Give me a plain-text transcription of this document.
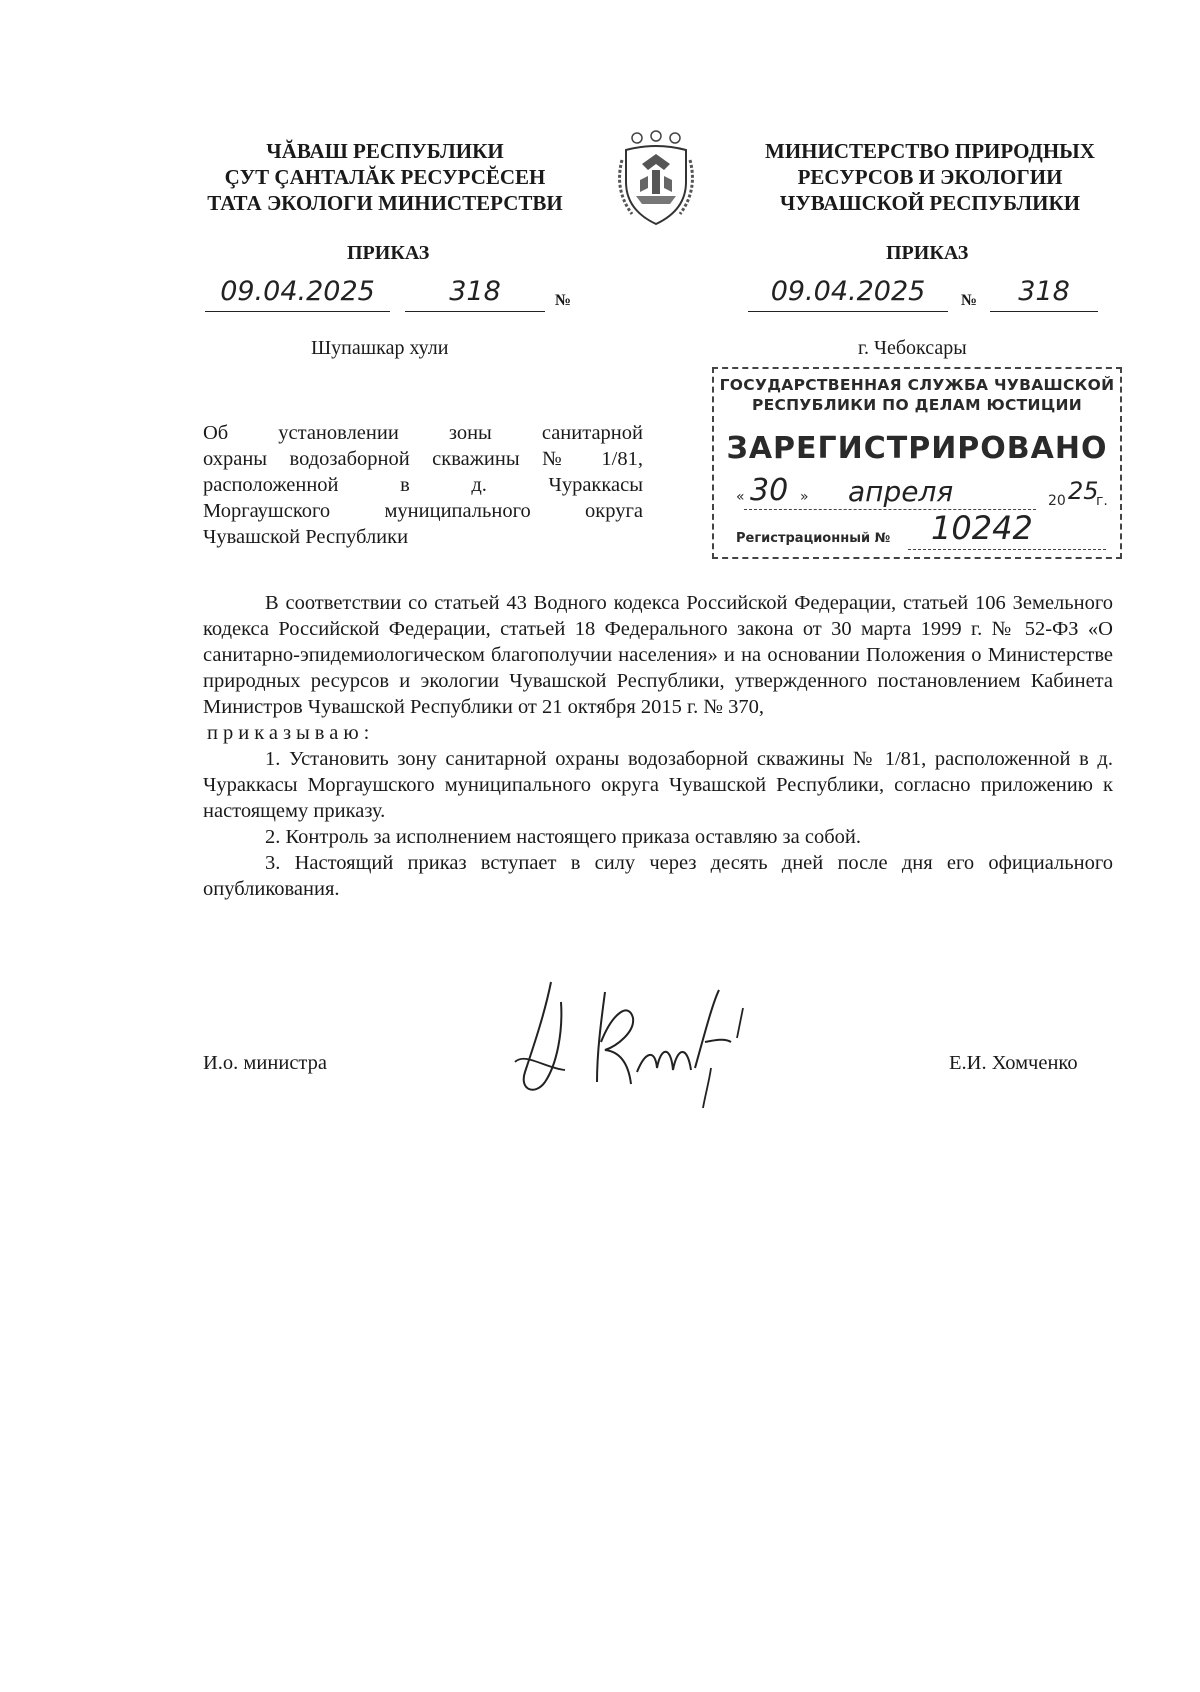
ЧĂВАШ РЕСПУБЛИКИ
ÇУТ ÇАНТАЛĂК РЕСУРСĔСЕН
ТАТА ЭКОЛОГИ МИНИСТЕРСТВИ
МИНИСТЕРСТВО ПРИРОДНЫХ
РЕСУРСОВ И ЭКОЛОГИИ
ЧУВАШСКОЙ РЕСПУБЛИКИ
ПРИКАЗ	ПРИКАЗ
09.04.2025	318	№	09.04.2025	№	318
Шупашкар хули	г. Чебоксары
ГОСУДАРСТВЕННАЯ СЛУЖБА ЧУВАШСКОЙ
РЕСПУБЛИКИ ПО ДЕЛАМ ЮСТИЦИИ
ЗАРЕГИСТРИРОВАНО
« 30 » апреля	20 25
г.
Регистрационный № 10242
Об установлении зоны санитарной
охраны водозаборной скважины № 1/81,
расположенной в д. Чураккасы
Моргаушского муниципального округа
Чувашской Республики

В соответствии со статьей 43 Водного кодекса Российской Федерации, статьей 106 Земельного кодекса Российской Федерации, статьей 18 Федерального закона от 30 марта 1999 г. № 52-ФЗ «О санитарно-эпидемиологическом благополучии населения» и на основании Положения о Министерстве природных ресурсов и экологии Чувашской Республики, утвержденного постановлением Кабинета Министров Чувашской Республики от 21 октября 2015 г. № 370,

приказываю:

1. Установить зону санитарной охраны водозаборной скважины № 1/81, расположенной в д. Чураккасы Моргаушского муниципального округа Чувашской Республики, согласно приложению к настоящему приказу.

2. Контроль за исполнением настоящего приказа оставляю за собой.

3. Настоящий приказ вступает в силу через десять дней после дня его официального опубликования.

И.о. министра	Е.И. Хомченко
